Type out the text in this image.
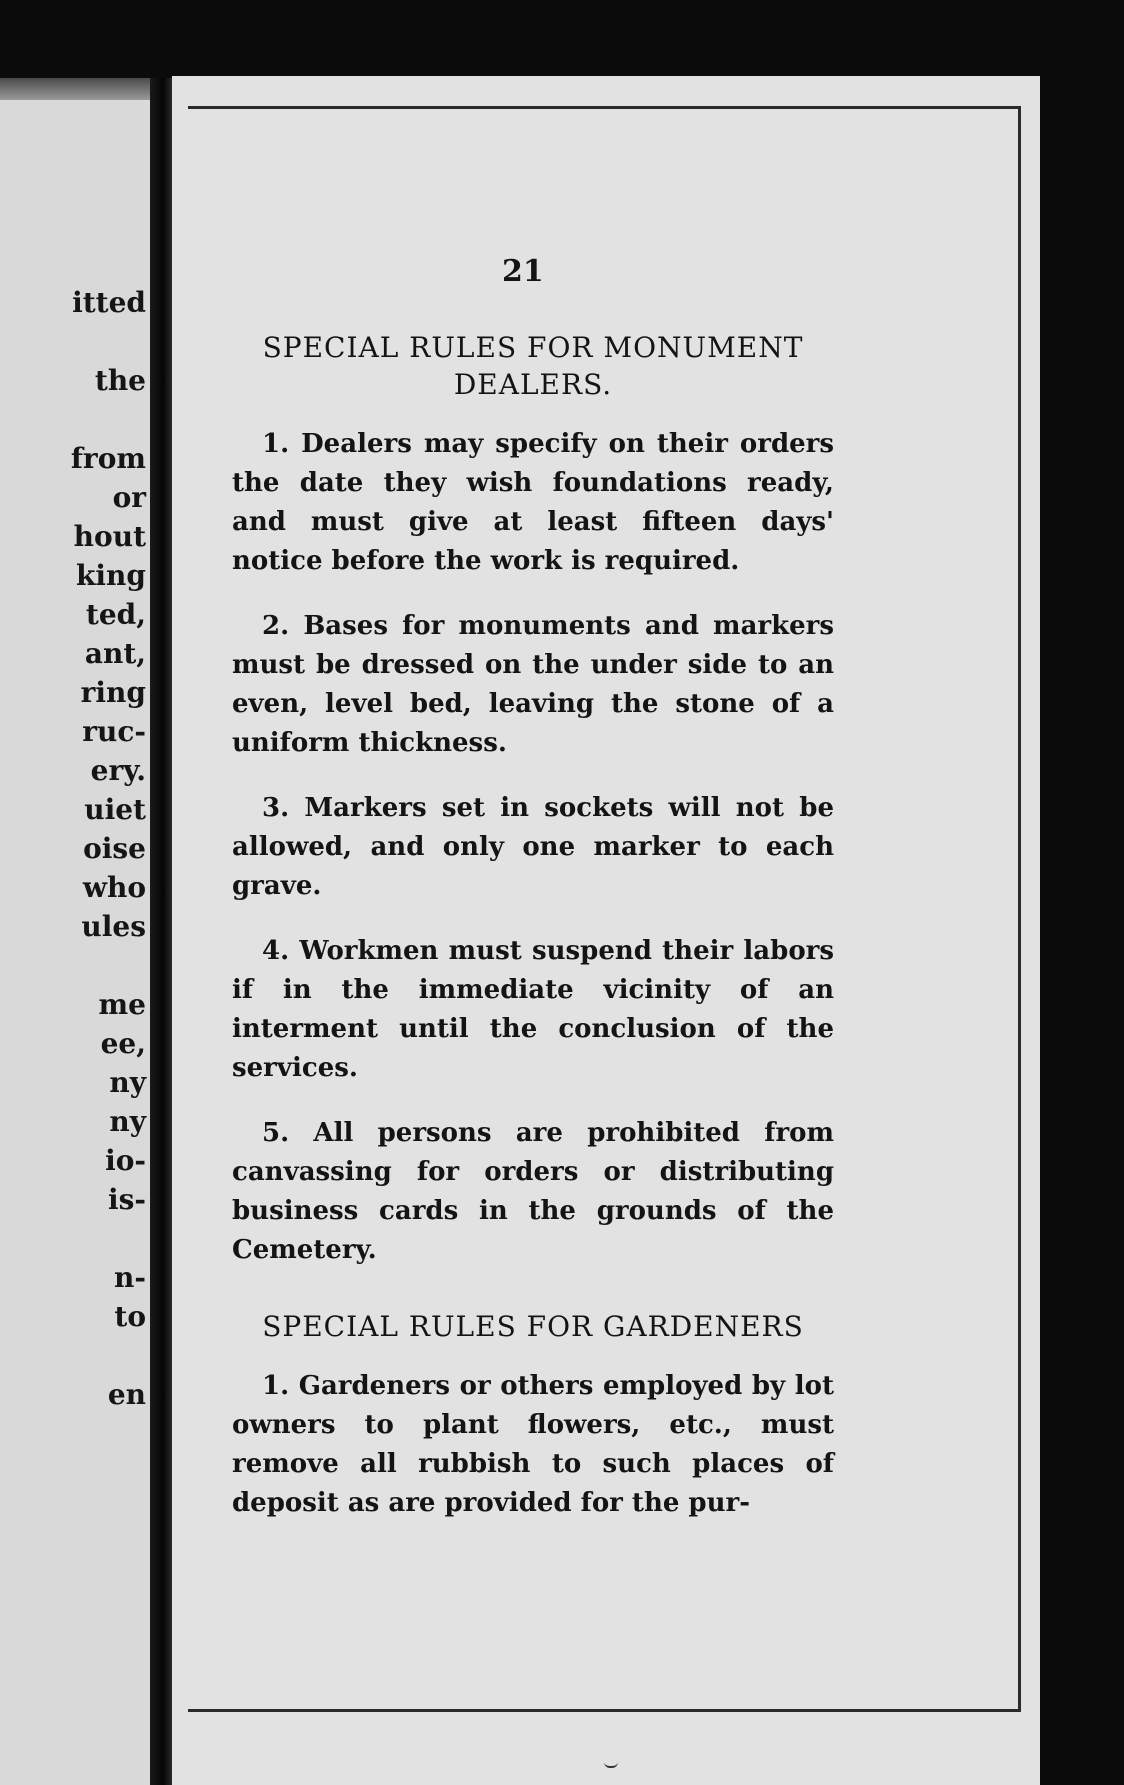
itted
the
from
or
hout
king
ted,
ant,
ring
ruc-
ery.
uiet
oise
who
ules
me
ee,
ny
ny
io-
is-
n-
to
en
21
SPECIAL RULES FOR MONUMENT DEALERS.

1. Dealers may specify on their orders the date they wish foundations ready, and must give at least fifteen days' notice before the work is required.

2. Bases for monuments and markers must be dressed on the under side to an even, level bed, leaving the stone of a uniform thickness.

3. Markers set in sockets will not be allowed, and only one marker to each grave.

4. Workmen must suspend their labors if in the immediate vicinity of an interment until the conclusion of the services.

5. All persons are prohibited from canvassing for orders or distributing business cards in the grounds of the Cemetery.

SPECIAL RULES FOR GARDENERS

1. Gardeners or others employed by lot owners to plant flowers, etc., must remove all rubbish to such places of deposit as are provided for the pur-
